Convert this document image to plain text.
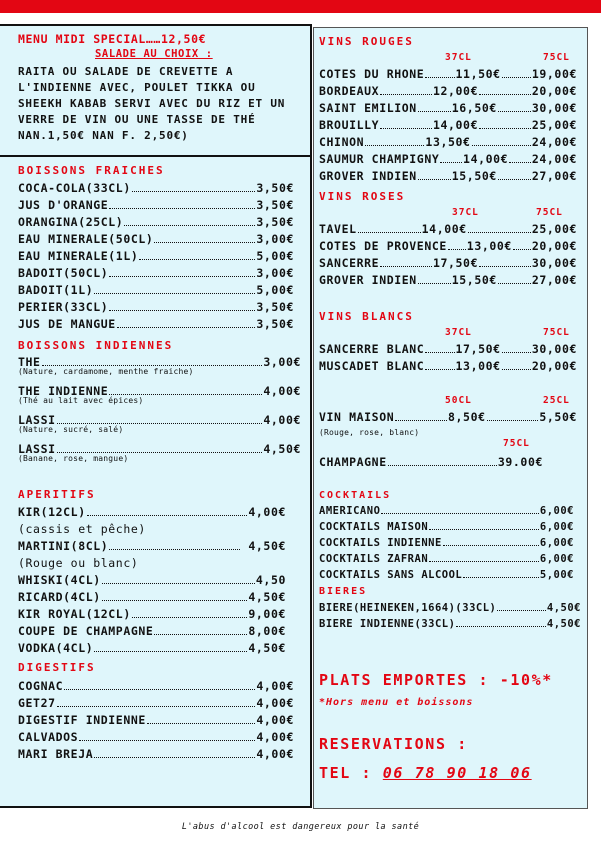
MENU MIDI SPECIAL……12,50€
SALADE AU CHOIX :
RAITA OU SALADE DE CREVETTE A
L'INDIENNE AVEC, POULET TIKKA OU
SHEEKH KABAB SERVI AVEC DU RIZ ET UN
VERRE DE VIN OU UNE TASSE DE THÉ
NAN.1,50€ NAN F. 2,50€)
BOISSONS FRAICHES
COCA-COLA(33CL)	3,50€
JUS D'ORANGE	3,50€
ORANGINA(25CL)	3,50€
EAU MINERALE(50CL)	3,00€
EAU MINERALE(1L)	5,00€
BADOIT(50CL)	3,00€
BADOIT(1L)	5,00€
PERIER(33CL)	3,50€
JUS DE MANGUE	3,50€
BOISSONS INDIENNES
THE	3,00€
(Nature, cardamome, menthe fraiche)
THE INDIENNE	4,00€
(Thé au lait avec épices)
LASSI	4,00€
(Nature, sucré, salé)
LASSI	4,50€
(Banane, rose, mangue)
APERITIFS
KIR(12CL)	4,00€
(cassis et pêche)
MARTINI(8CL)	4,50€
(Rouge ou blanc)
WHISKI(4CL)	4,50
RICARD(4CL)	4,50€
KIR ROYAL(12CL)	9,00€
COUPE DE CHAMPAGNE	8,00€
VODKA(4CL)	4,50€
DIGESTIFS
COGNAC	4,00€
GET27	4,00€
DIGESTIF INDIENNE	4,00€
CALVADOS	4,00€
MARI BREJA	4,00€
VINS ROUGES
37CL	75CL
COTES DU RHONE	11,50€	19,00€
BORDEAUX	12,00€	20,00€
SAINT EMILION	16,50€	30,00€
BROUILLY	14,00€	25,00€
CHINON	13,50€	24,00€
SAUMUR CHAMPIGNY 14,00€ 24,00€
GROVER INDIEN	15,50€	27,00€
VINS ROSES
37CL	75CL
TAVEL	14,00€	25,00€
COTES DE PROVENCE 13,00€ 20,00€
SANCERRE	17,50€	30,00€
GROVER INDIEN	15,50€	27,00€
VINS BLANCS
37CL	75CL
SANCERRE BLANC	17,50€	30,00€
MUSCADET BLANC	13,00€	20,00€
50CL	25CL
VIN MAISON	8,50€	5,50€
(Rouge, rose, blanc)
75CL
CHAMPAGNE	39.00€
COCKTAILS
AMERICANO	6,00€
COCKTAILS MAISON	6,00€
COCKTAILS INDIENNE	6,00€
COCKTAILS ZAFRAN	6,00€
COCKTAILS SANS ALCOOL	5,00€
BIERES
BIERE(HEINEKEN,1664)(33CL)	4,50€
BIERE INDIENNE(33CL)	4,50€
PLATS EMPORTES : -10%*
*Hors menu et boissons
RESERVATIONS :
TEL : 06 78 90 18 06
L'abus d'alcool est dangereux pour la santé
